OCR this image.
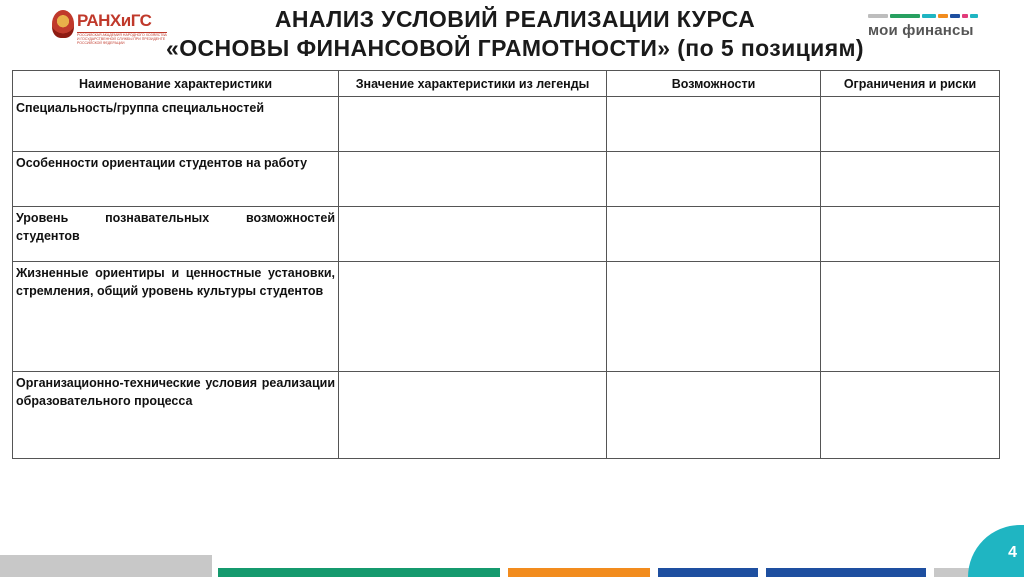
РАНХиГС
РОССИЙСКАЯ АКАДЕМИЯ НАРОДНОГО ХОЗЯЙСТВА И ГОСУДАРСТВЕННОЙ СЛУЖБЫ ПРИ ПРЕЗИДЕНТЕ РОССИЙСКОЙ ФЕДЕРАЦИИ
АНАЛИЗ УСЛОВИЙ РЕАЛИЗАЦИИ КУРСА
«ОСНОВЫ ФИНАНСОВОЙ ГРАМОТНОСТИ» (по 5 позициям)
мои финансы
Наименование характеристики	Значение характеристики из легенды	Возможности	Ограничения и риски
Специальность/группа специальностей			
Особенности ориентации студентов на работу			
Уровень познавательных возможностей студентов			
Жизненные ориентиры и ценностные установки, стремления, общий уровень культуры студентов			
Организационно-технические условия реализации образовательного процесса			
4
